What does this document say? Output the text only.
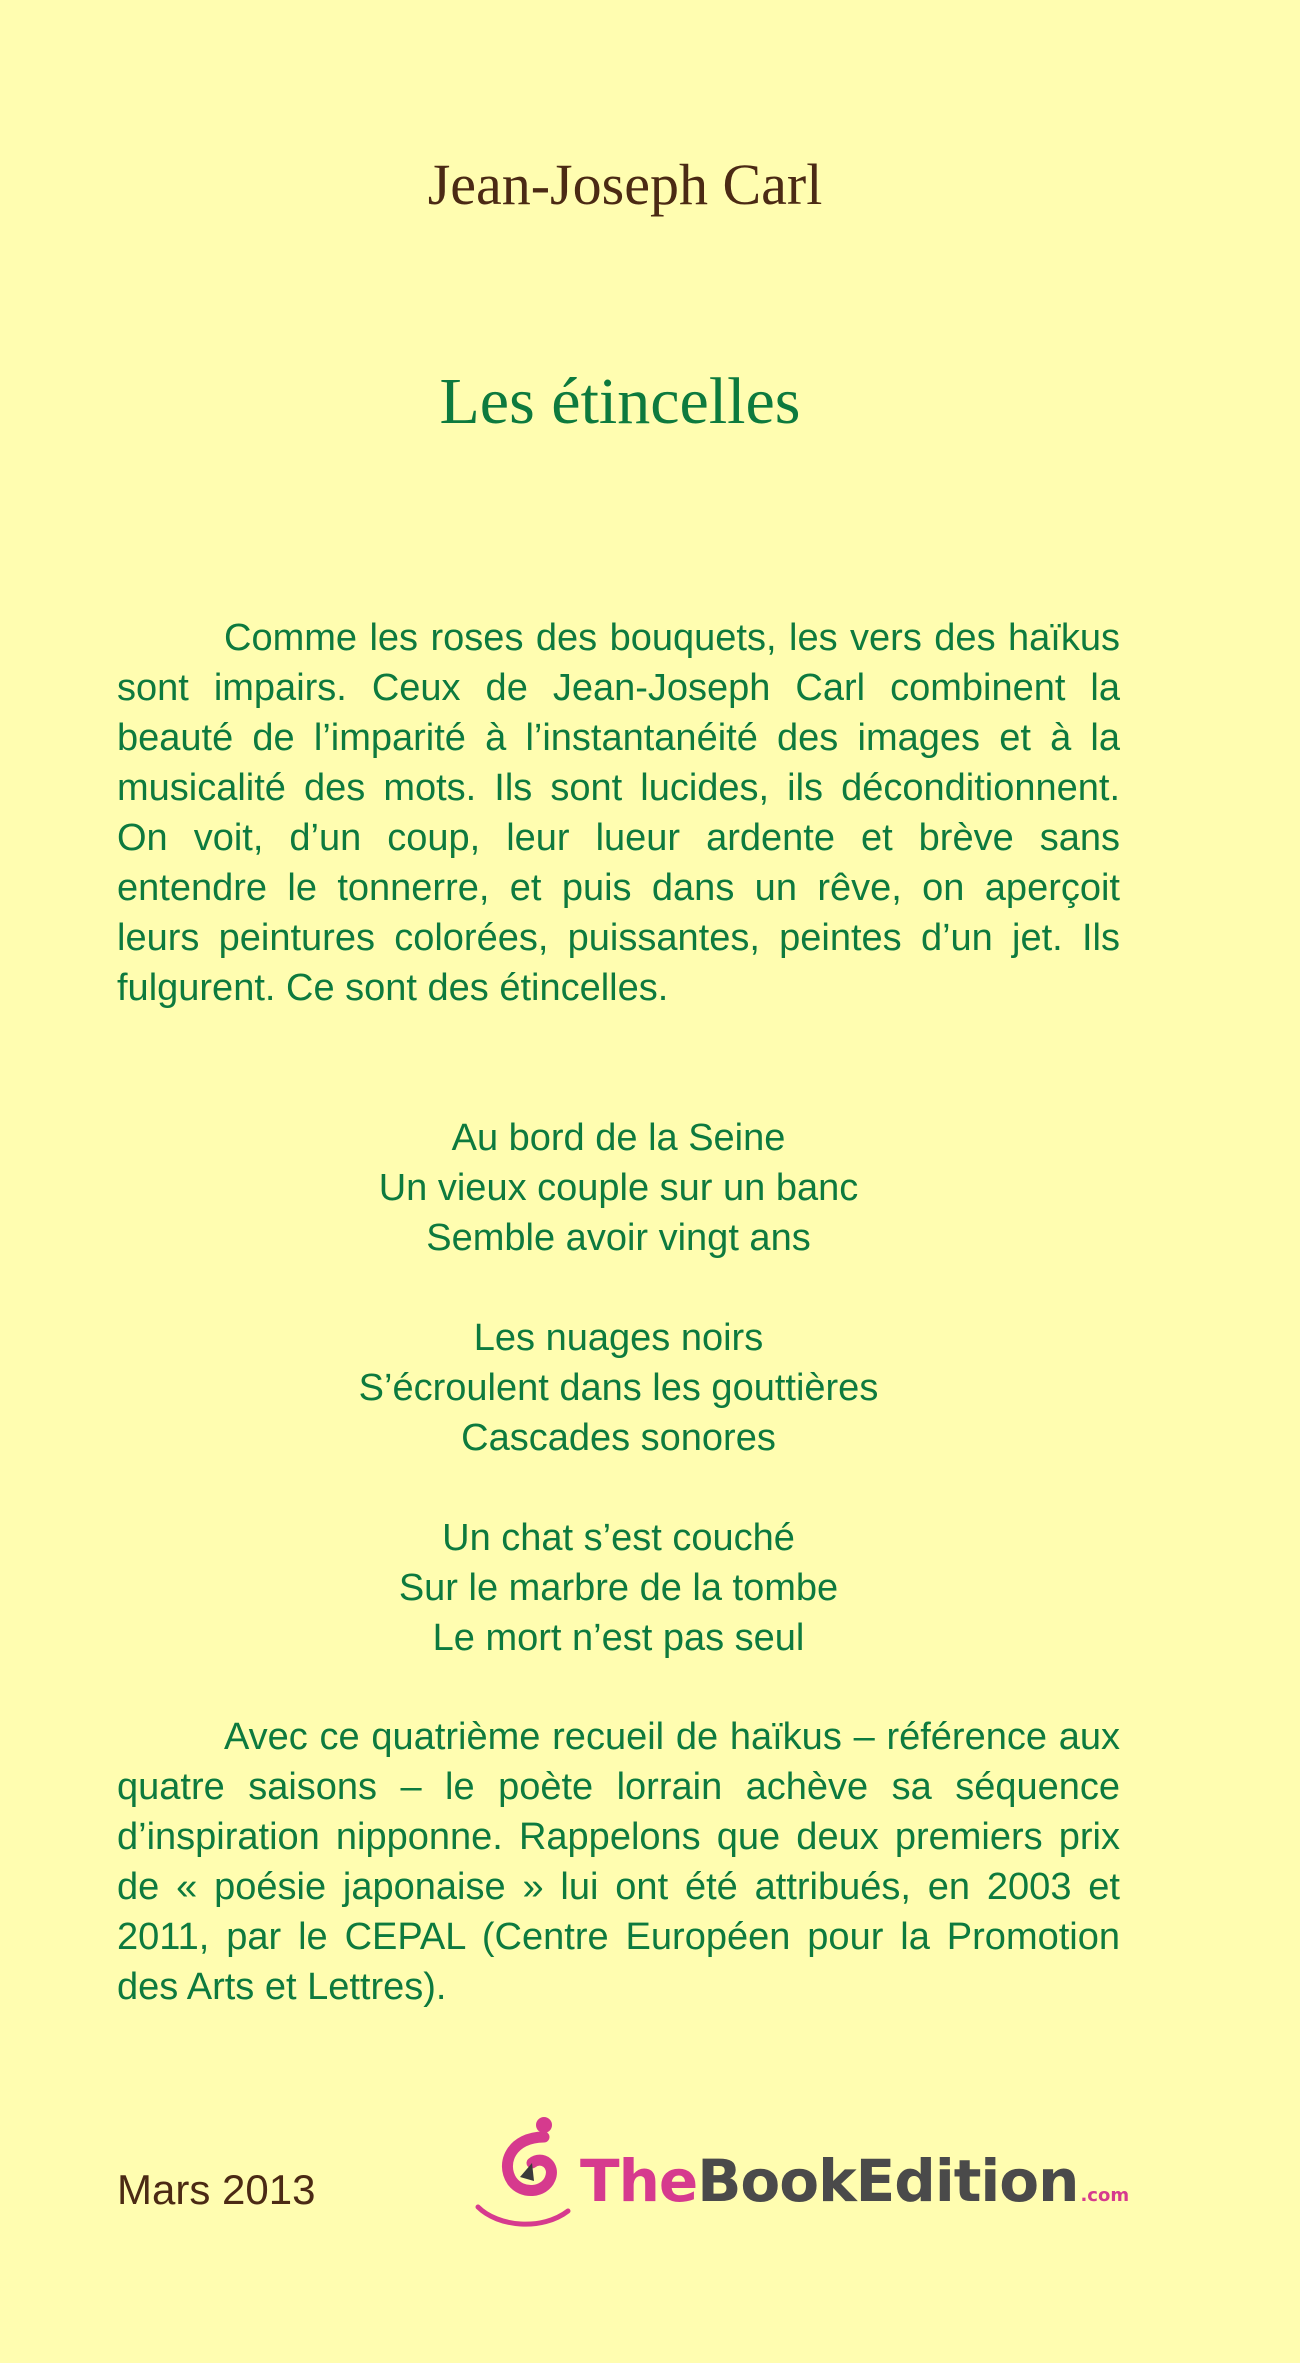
Jean-Joseph Carl
Les étincelles

Comme les roses des bouquets, les vers des haïkus sont impairs. Ceux de Jean-Joseph Carl combinent la beauté de l’imparité à l’instantanéité des images et à la musicalité des mots. Ils sont lucides, ils déconditionnent. On voit, d’un coup, leur lueur ardente et brève sans entendre le tonnerre, et puis dans un rêve, on aperçoit leurs peintures colorées, puissantes, peintes d’un jet. Ils fulgurent. Ce sont des étincelles.

Au bord de la Seine
Un vieux couple sur un banc
Semble avoir vingt ans
Les nuages noirs
S’écroulent dans les gouttières
Cascades sonores
Un chat s’est couché
Sur le marbre de la tombe
Le mort n’est pas seul

Avec ce quatrième recueil de haïkus – référence aux quatre saisons – le poète lorrain achève sa séquence d’inspiration nipponne. Rappelons que deux premiers prix de « poésie japonaise » lui ont été attribués, en 2003 et 2011, par le CEPAL (Centre Européen pour la Promotion des Arts et Lettres).

Mars 2013	TheBookEdition .com
